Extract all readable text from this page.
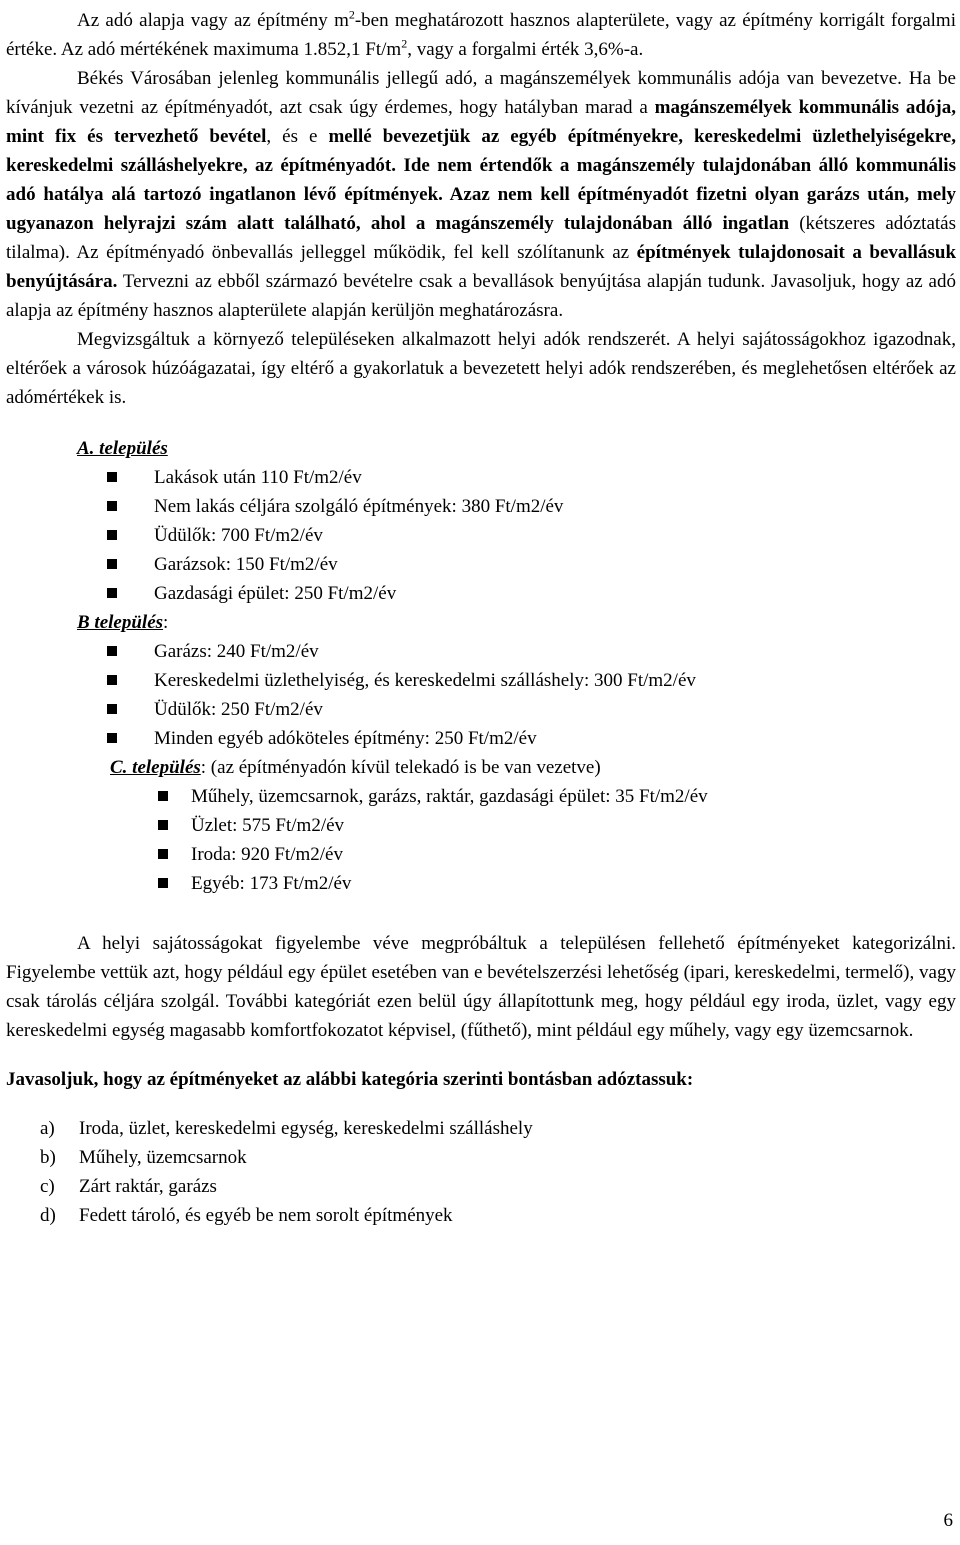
Az adó alapja vagy az építmény $m^2$-ben meghatározott hasznos alapterülete, vagy az építmény korrigált forgalmi értéke. Az adó mértékének maximuma 1.852,1 $Ft/m^2$, vagy a forgalmi érték 3,6%-a.

Békés Városában jelenleg kommunális jellegű adó, a magánszemélyek kommunális adója van bevezetve. Ha be kívánjuk vezetni az építményadót, azt csak úgy érdemes, hogy hatályban marad a magánszemélyek kommunális adója, mint fix és tervezhető bevétel, és e mellé bevezetjük az egyéb építményekre, kereskedelmi üzlethelyiségekre, kereskedelmi szálláshelyekre, az építményadót. Ide nem értendők a magánszemély tulajdonában álló kommunális adó hatálya alá tartozó ingatlanon lévő építmények. Azaz nem kell építményadót fizetni olyan garázs után, mely ugyanazon helyrajzi szám alatt található, ahol a magánszemély tulajdonában álló ingatlan (kétszeres adóztatás tilalma). Az építményadó önbevallás jelleggel működik, fel kell szólítanunk az építmények tulajdonosait a bevallásuk benyújtására. Tervezni az ebből származó bevételre csak a bevallások benyújtása alapján tudunk. Javasoljuk, hogy az adó alapja az építmény hasznos alapterülete alapján kerüljön meghatározásra.

Megvizsgáltuk a környező településeken alkalmazott helyi adók rendszerét. A helyi sajátosságokhoz igazodnak, eltérőek a városok húzóágazatai, így eltérő a gyakorlatuk a bevezetett helyi adók rendszerében, és meglehetősen eltérőek az adómértékek is.

A. település
Lakások után 110 Ft/m2/év
Nem lakás céljára szolgáló építmények: 380 Ft/m2/év
Üdülők: 700 Ft/m2/év
Garázsok: 150 Ft/m2/év
Gazdasági épület: 250 Ft/m2/év
B település:
Garázs: 240 Ft/m2/év
Kereskedelmi üzlethelyiség, és kereskedelmi szálláshely: 300 Ft/m2/év
Üdülők: 250 Ft/m2/év
Minden egyéb adóköteles építmény: 250 Ft/m2/év
C. település: (az építményadón kívül telekadó is be van vezetve)
Műhely, üzemcsarnok, garázs, raktár, gazdasági épület: 35 Ft/m2/év
Üzlet: 575 Ft/m2/év
Iroda: 920 Ft/m2/év
Egyéb: 173 Ft/m2/év

A helyi sajátosságokat figyelembe véve megpróbáltuk a településen fellehető építményeket kategorizálni. Figyelembe vettük azt, hogy például egy épület esetében van e bevételszerzési lehetőség (ipari, kereskedelmi, termelő), vagy csak tárolás céljára szolgál. További kategóriát ezen belül úgy állapítottunk meg, hogy például egy iroda, üzlet, vagy egy kereskedelmi egység magasabb komfortfokozatot képvisel, (fűthető), mint például egy műhely, vagy egy üzemcsarnok.

Javasoljuk, hogy az építményeket az alábbi kategória szerinti bontásban adóztassuk:

a) Iroda, üzlet, kereskedelmi egység, kereskedelmi szálláshely
b) Műhely, üzemcsarnok
c) Zárt raktár, garázs
d) Fedett tároló, és egyéb be nem sorolt építmények
6
